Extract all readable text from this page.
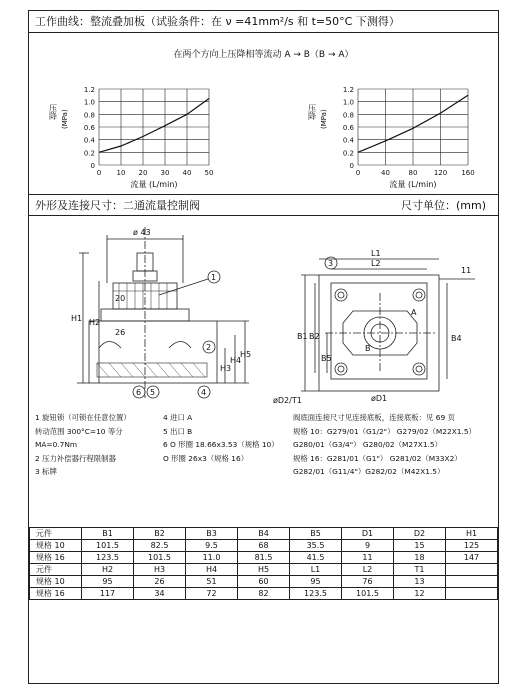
工作曲线：整流叠加板（试验条件：在 ν =41mm²/s 和 t=50°C 下测得）
在两个方向上压降相等流动 A → B（B → A）
1.2
1.0
0.8
0.6
0.4
0.2
0
0 10 20 30 40 50
压降 (MPa)
流量 (L/min)
1.2
1.0
0.8
0.6
0.4
0.2
0
0	40	80 120 160
压降 (MPa)
流量 (L/min)
外形及连接尺寸：二通流量控制阀	尺寸单位：(mm)
ø 43
H1 H2
20
26
H3
H4
H5
1
2
4
5
6
L1
L2
11
A
B
3
B1 B2
B5
B4
øD2/T1	øD1
1 旋钮锁（可锁在任意位置）
转动范围 300°C=10 等分
MA=0.7Nm
2 压力补偿器行程限制器
3 标牌
4 进口 A
5 出口 B
6 O 形圈 18.66x3.53（规格 10）
O 形圈 26x3（规格 16）
阀底面连接尺寸见连接底板，连接底板：见 69 页
规格 10：G279/01（G1/2"） G279/02（M22X1.5）
G280/01（G3/4"） G280/02（M27X1.5）
规格 16：G281/01（G1"） G281/02（M33X2）
G282/01（G11/4"）G282/02（M42X1.5）
元件	B1	B2	B3	B4	B5	D1	D2	H1
规格 10	101.5	82.5	9.5	68	35.5	9	15	125
规格 16	123.5	101.5	11.0	81.5	41.5	11	18	147
元件	H2	H3	H4	H5	L1	L2	T1	
规格 10	95	26	51	60	95	76	13	
规格 16	117	34	72	82	123.5	101.5	12	
